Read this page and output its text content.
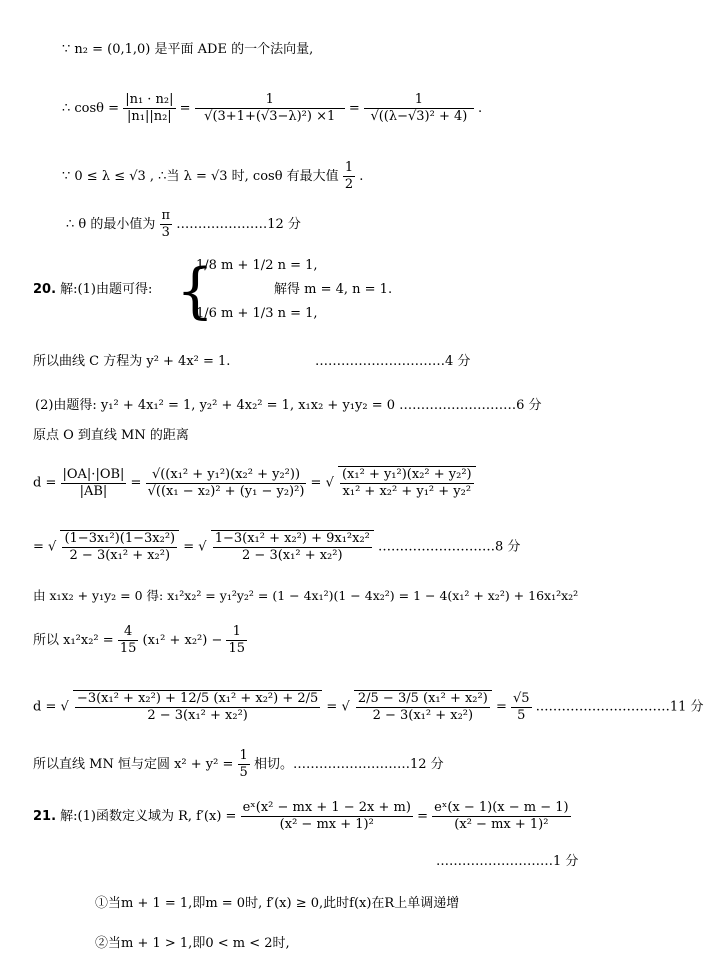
∵ n₂ = (0,1,0) 是平面 ADE 的一个法向量,
∴ $\cos\theta = \frac{\text{|n₁ · n₂|}}{\text{|n₁||n₂|}} = \frac{1}{\text{√(3+1+(√3−λ)²) ×1}} = \frac{1}{\text{√((λ−√3)² + 4)}}$ .
∵ 0 ≤ λ ≤ √3 , ∴当 λ = √3 时, cosθ 有最大值 $\frac{1}{2}$ .
∴ θ 的最小值为 $\frac{\pi}{3}$ …………………12 分
20. 解:(1)由题可得: {
1/8 m + 1/2 n = 1,
1/6 m + 1/3 n = 1,
解得 m = 4, n = 1.
所以曲线 C 方程为 y² + 4x² = 1.	…………………………4 分
(2)由题得: y₁² + 4x₁² = 1, y₂² + 4x₂² = 1, x₁x₂ + y₁y₂ = 0 ………………………6 分
原点 O 到直线 MN 的距离
$d = \frac{|OA|\cdot|OB|}{|AB|} = \frac{\text{√((x₁² + y₁²)(x₂² + y₂²))}}{\text{√((x₁ − x₂)² + (y₁ − y₂)²)}}$ = √ $\frac{\text{(x₁² + y₁²)(x₂² + y₂²)}}{\text{x₁² + x₂² + y₁² + y₂²}}$
= √ $\frac{\text{(1−3x₁²)(1−3x₂²)}}{\text{2 − 3(x₁² + x₂²)}}$ = √ $\frac{\text{1−3(x₁² + x₂²) + 9x₁²x₂²}}{\text{2 − 3(x₁² + x₂²)}}$ ………………………8 分
由 x₁x₂ + y₁y₂ = 0 得: x₁²x₂² = y₁²y₂² = (1 − 4x₁²)(1 − 4x₂²) = 1 − 4(x₁² + x₂²) + 16x₁²x₂²
所以 $x_1^2x_2^2 = \frac{4}{15} (x_1^2 + x_2^2) - \frac{1}{15}$
d = √ $\frac{\text{−3(x₁² + x₂²) + 12/5 (x₁² + x₂²) + 2/5}}{\text{2 − 3(x₁² + x₂²)}}$ = √ $\frac{\text{2/5 − 3/5 (x₁² + x₂²)}}{\text{2 − 3(x₁² + x₂²)}} = \frac{√5}{5}$ .…………………………11 分
所以直线 MN 恒与定圆 $x^2 + y^2 = \frac{1}{5}$ 相切。………………………12 分
21. 解:(1)函数定义域为 R, $f'(x) = \frac{\text{eˣ(x² − mx + 1 − 2x + m)}}{\text{(x² − mx + 1)²}} = \frac{\text{eˣ(x − 1)(x − m − 1)}}{\text{(x² − mx + 1)²}}$
………………………1 分
①当m + 1 = 1,即m = 0时, f′(x) ≥ 0,此时f(x)在R上单调递增
②当m + 1 > 1,即0 < m < 2时,
